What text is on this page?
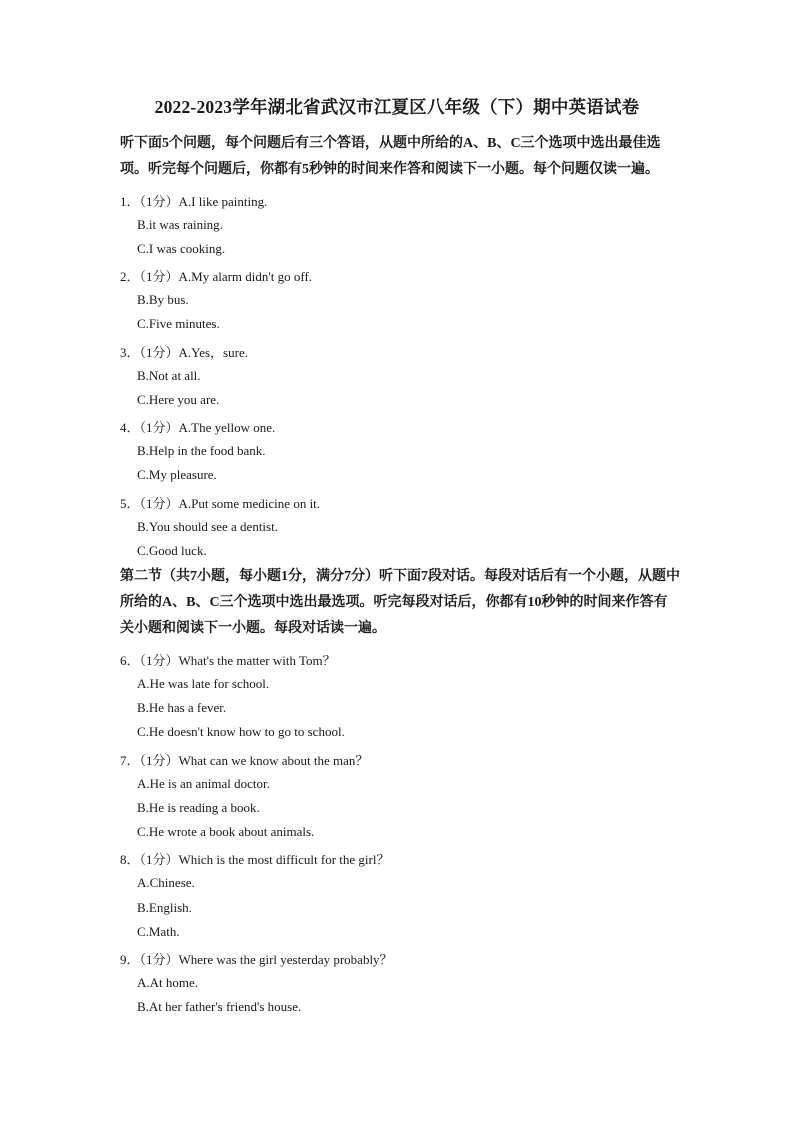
2022-2023学年湖北省武汉市江夏区八年级（下）期中英语试卷
听下面5个问题，每个问题后有三个答语，从题中所给的A、B、C三个选项中选出最佳选项。听完每个问题后，你都有5秒钟的时间来作答和阅读下一小题。每个问题仅读一遍。
1．（1分）A.I like painting.
B.it was raining.
C.I was cooking.
2．（1分）A.My alarm didn't go off.
B.By bus.
C.Five minutes.
3．（1分）A.Yes，sure.
B.Not at all.
C.Here you are.
4．（1分）A.The yellow one.
B.Help in the food bank.
C.My pleasure.
5．（1分）A.Put some medicine on it.
B.You should see a dentist.
C.Good luck.
第二节（共7小题，每小题1分，满分7分）听下面7段对话。每段对话后有一个小题，从题中所给的A、B、C三个选项中选出最选项。听完每段对话后，你都有10秒钟的时间来作答有关小题和阅读下一小题。每段对话读一遍。
6．（1分）What's the matter with Tom？
A.He was late for school.
B.He has a fever.
C.He doesn't know how to go to school.
7．（1分）What can we know about the man？
A.He is an animal doctor.
B.He is reading a book.
C.He wrote a book about animals.
8．（1分）Which is the most difficult for the girl？
A.Chinese.
B.English.
C.Math.
9．（1分）Where was the girl yesterday probably？
A.At home.
B.At her father's friend's house.
